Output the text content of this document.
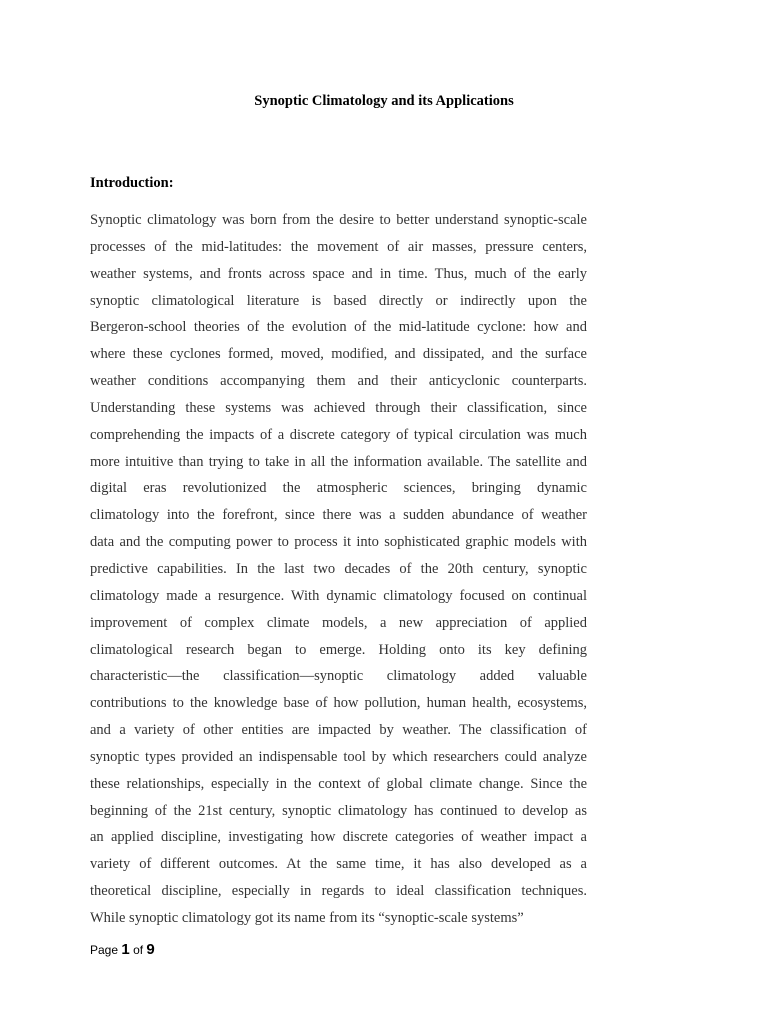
Synoptic Climatology and its Applications
Introduction:
Synoptic climatology was born from the desire to better understand synoptic-scale
processes of the mid-latitudes: the movement of air masses, pressure centers,
weather systems, and fronts across space and in time. Thus, much of the early
synoptic climatological literature is based directly or indirectly upon the
Bergeron-school theories of the evolution of the mid-latitude cyclone: how and
where these cyclones formed, moved, modified, and dissipated, and the surface
weather conditions accompanying them and their anticyclonic counterparts.
Understanding these systems was achieved through their classification, since
comprehending the impacts of a discrete category of typical circulation was much
more intuitive than trying to take in all the information available. The satellite and
digital eras revolutionized the atmospheric sciences, bringing dynamic
climatology into the forefront, since there was a sudden abundance of weather
data and the computing power to process it into sophisticated graphic models with
predictive capabilities. In the last two decades of the 20th century, synoptic
climatology made a resurgence. With dynamic climatology focused on continual
improvement of complex climate models, a new appreciation of applied
climatological research began to emerge. Holding onto its key defining
characteristic—the classification—synoptic climatology added valuable
contributions to the knowledge base of how pollution, human health, ecosystems,
and a variety of other entities are impacted by weather. The classification of
synoptic types provided an indispensable tool by which researchers could analyze
these relationships, especially in the context of global climate change. Since the
beginning of the 21st century, synoptic climatology has continued to develop as
an applied discipline, investigating how discrete categories of weather impact a
variety of different outcomes. At the same time, it has also developed as a
theoretical discipline, especially in regards to ideal classification techniques.
While synoptic climatology got its name from its “synoptic-scale systems”
Page 1 of 9
